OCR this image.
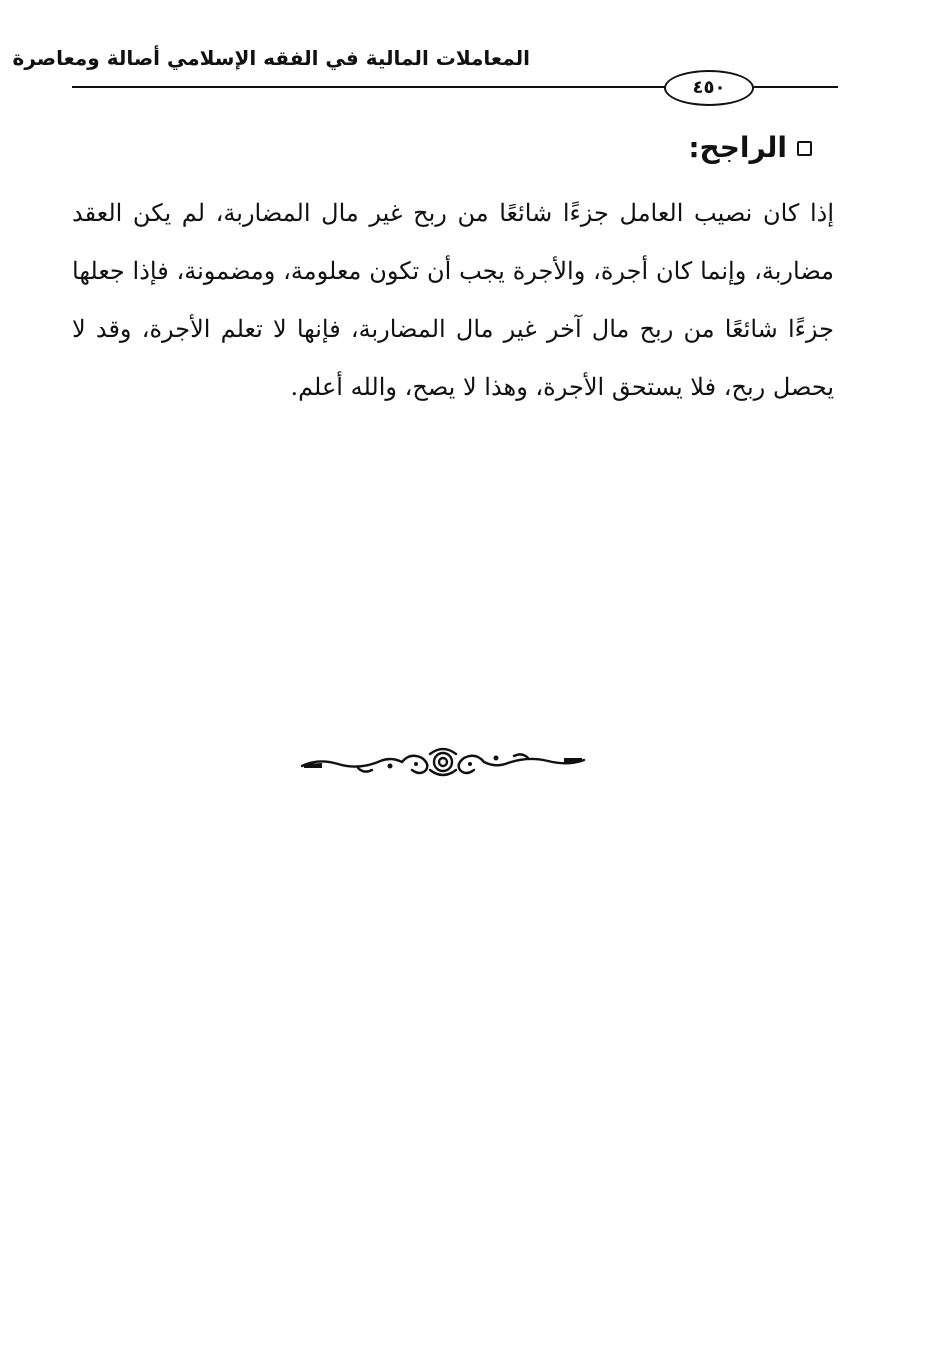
المعاملات المالية في الفقه الإسلامي أصالة ومعاصرة
٤٥٠
الراجح:
إذا كان نصيب العامل جزءًا شائعًا من ربح غير مال المضاربة، لم يكن العقد مضاربة، وإنما كان أجرة، والأجرة يجب أن تكون معلومة، ومضمونة، فإذا جعلها جزءًا شائعًا من ربح مال آخر غير مال المضاربة، فإنها لا تعلم الأجرة، وقد لا يحصل ربح، فلا يستحق الأجرة، وهذا لا يصح، والله أعلم.
